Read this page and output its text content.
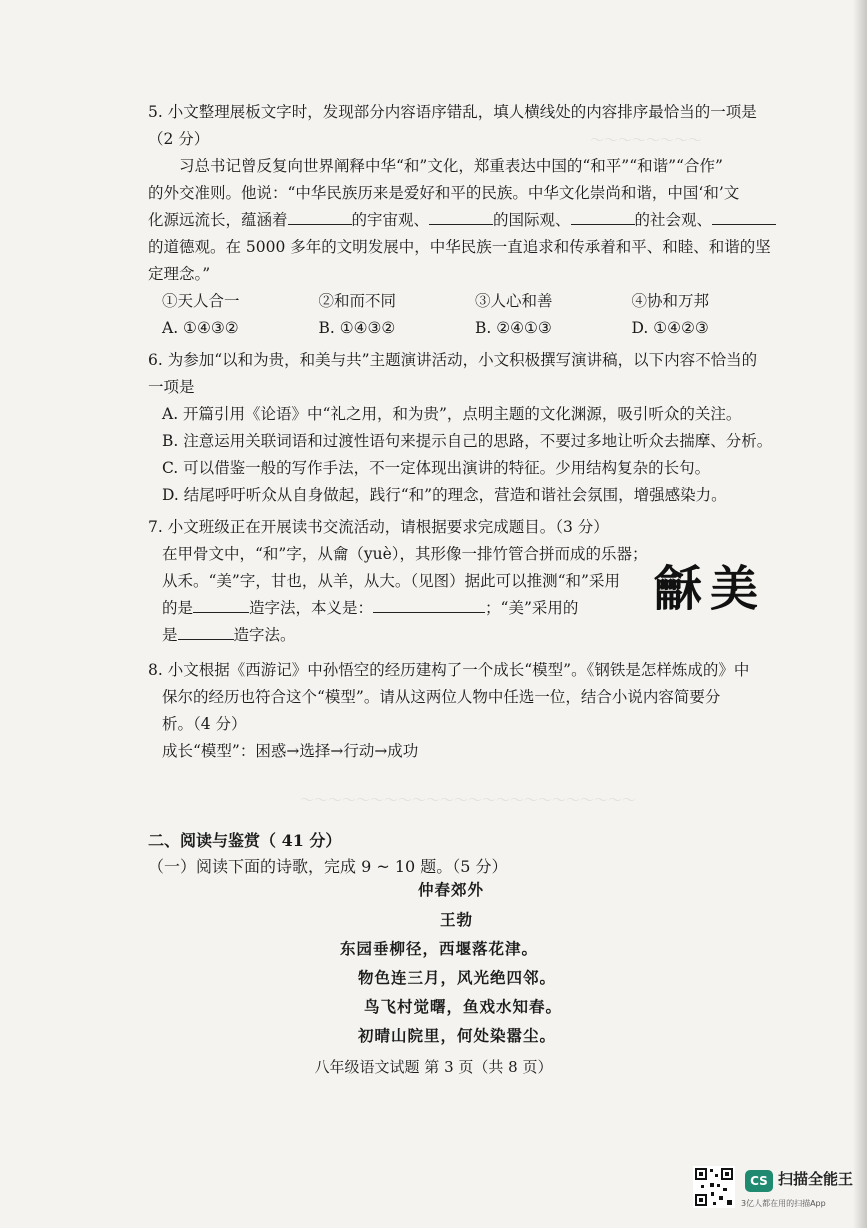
～～～～～～～～
～～～～～～～～～～～～～～～～～～～～～～～～
5. 小文整理展板文字时，发现部分内容语序错乱，填人横线处的内容排序最恰当的一项是
（2 分）
习总书记曾反复向世界阐释中华“和”文化，郑重表达中国的“和平”“和谐”“合作”
的外交准则。他说：“中华民族历来是爱好和平的民族。中华文化崇尚和谐，中国‘和’文
化源远流长，蕴涵着	的宇宙观、	的国际观、	的社会观、
的道德观。在 5000 多年的文明发展中，中华民族一直追求和传承着和平、和睦、和谐的坚
定理念。”
①天人合一	②和而不同	③人心和善	④协和万邦
A. ①④③②	B. ①④③②	B. ②④①③	D. ①④②③
6. 为参加“以和为贵，和美与共”主题演讲活动，小文积极撰写演讲稿，以下内容不恰当的
一项是
A. 开篇引用《论语》中“礼之用，和为贵”，点明主题的文化渊源，吸引听众的关注。
B. 注意运用关联词语和过渡性语句来提示自己的思路，不要过多地让听众去揣摩、分析。
C. 可以借鉴一般的写作手法，不一定体现出演讲的特征。少用结构复杂的长句。
D. 结尾呼吁听众从自身做起，践行“和”的理念，营造和谐社会氛围，增强感染力。
7. 小文班级正在开展读书交流活动，请根据要求完成题目。（3 分）
在甲骨文中，“和”字，从龠（yuè），其形像一排竹管合拼而成的乐器；
从禾。“美”字，甘也，从羊，从大。（见图）据此可以推测“和”采用
的是	造字法，本义是：	；“美”采用的
是	造字法。
龢 美
8. 小文根据《西游记》中孙悟空的经历建构了一个成长“模型”。《钢铁是怎样炼成的》中
保尔的经历也符合这个“模型”。请从这两位人物中任选一位，结合小说内容简要分
析。（4 分）
成长“模型”：困惑→选择→行动→成功
二、阅读与鉴赏（ 41 分）
（一）阅读下面的诗歌，完成 9 ~ 10 题。（5 分）
仲春郊外
王勃
东园垂柳径，西堰落花津。
物色连三月，风光绝四邻。
鸟飞村觉曙，鱼戏水知春。
初晴山院里，何处染嚣尘。
八年级语文试题 第 3 页（共 8 页）
CS 扫描全能王
3亿人都在用的扫描App
